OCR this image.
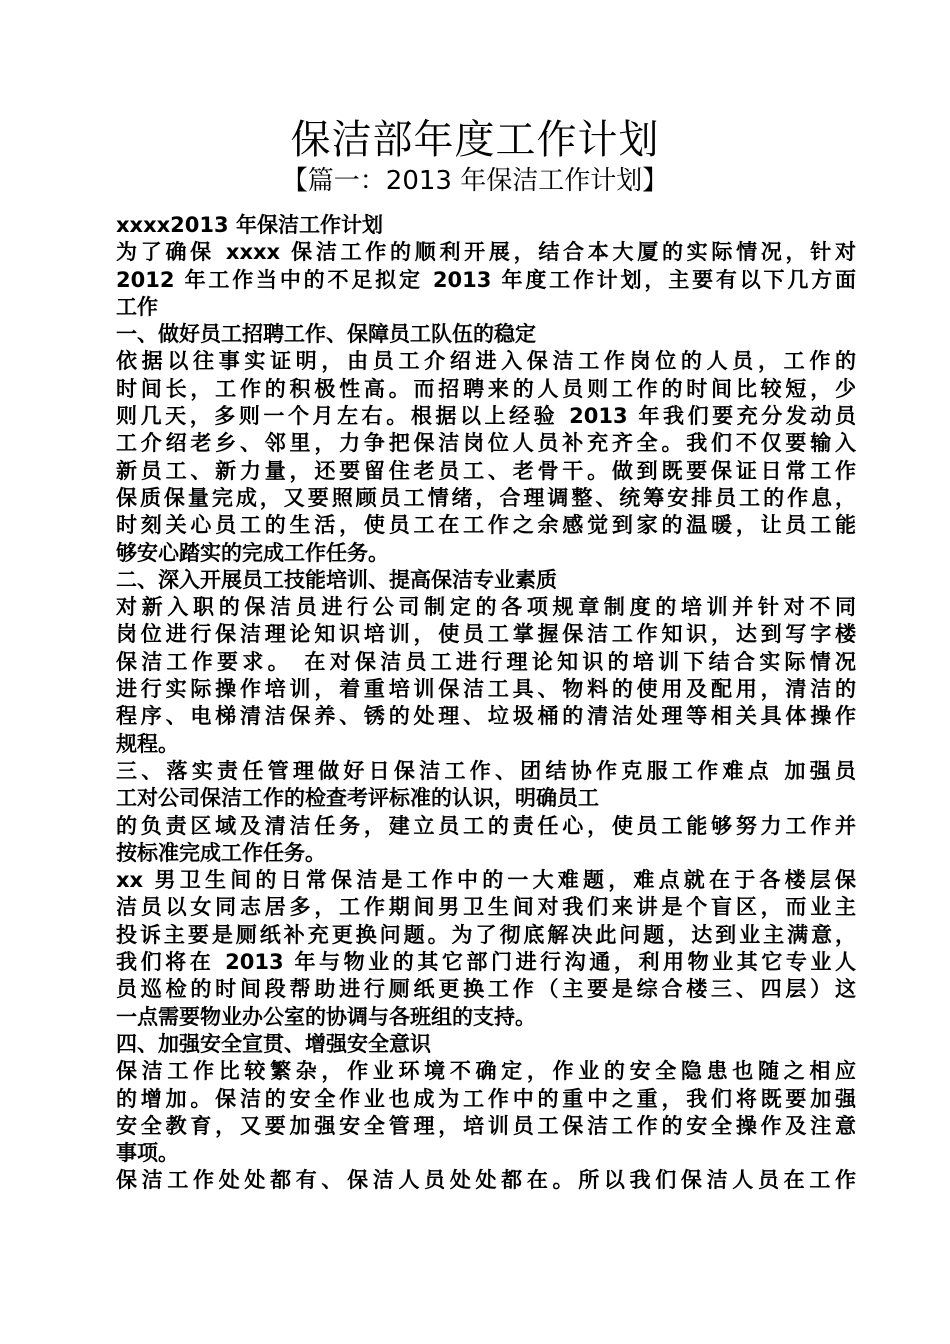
保洁部年度工作计划
【篇一：2013 年保洁工作计划】
xxxx2013 年保洁工作计划
为了确保 xxxx 保洁工作的顺利开展，结合本大厦的实际情况，针对
2012 年工作当中的不足拟定 2013 年度工作计划，主要有以下几方面
工作
一、做好员工招聘工作、保障员工队伍的稳定
依据以往事实证明，由员工介绍进入保洁工作岗位的人员，工作的
时间长，工作的积极性高。而招聘来的人员则工作的时间比较短，少
则几天，多则一个月左右。根据以上经验 2013 年我们要充分发动员
工介绍老乡、邻里，力争把保洁岗位人员补充齐全。我们不仅要输入
新员工、新力量，还要留住老员工、老骨干。做到既要保证日常工作
保质保量完成，又要照顾员工情绪，合理调整、统筹安排员工的作息，
时刻关心员工的生活，使员工在工作之余感觉到家的温暖，让员工能
够安心踏实的完成工作任务。
二、深入开展员工技能培训、提高保洁专业素质
对新入职的保洁员进行公司制定的各项规章制度的培训并针对不同
岗位进行保洁理论知识培训，使员工掌握保洁工作知识，达到写字楼
保洁工作要求。 在对保洁员工进行理论知识的培训下结合实际情况
进行实际操作培训，着重培训保洁工具、物料的使用及配用，清洁的
程序、电梯清洁保养、锈的处理、垃圾桶的清洁处理等相关具体操作
规程。
三、落实责任管理做好日保洁工作、团结协作克服工作难点 加强员
工对公司保洁工作的检查考评标准的认识，明确员工
的负责区域及清洁任务，建立员工的责任心，使员工能够努力工作并
按标准完成工作任务。
xx 男卫生间的日常保洁是工作中的一大难题，难点就在于各楼层保
洁员以女同志居多，工作期间男卫生间对我们来讲是个盲区，而业主
投诉主要是厕纸补充更换问题。为了彻底解决此问题，达到业主满意，
我们将在 2013 年与物业的其它部门进行沟通，利用物业其它专业人
员巡检的时间段帮助进行厕纸更换工作（主要是综合楼三、四层）这
一点需要物业办公室的协调与各班组的支持。
四、加强安全宣贯、增强安全意识
保洁工作比较繁杂，作业环境不确定，作业的安全隐患也随之相应
的增加。保洁的安全作业也成为工作中的重中之重，我们将既要加强
安全教育，又要加强安全管理，培训员工保洁工作的安全操作及注意
事项。
保洁工作处处都有、保洁人员处处都在。所以我们保洁人员在工作
